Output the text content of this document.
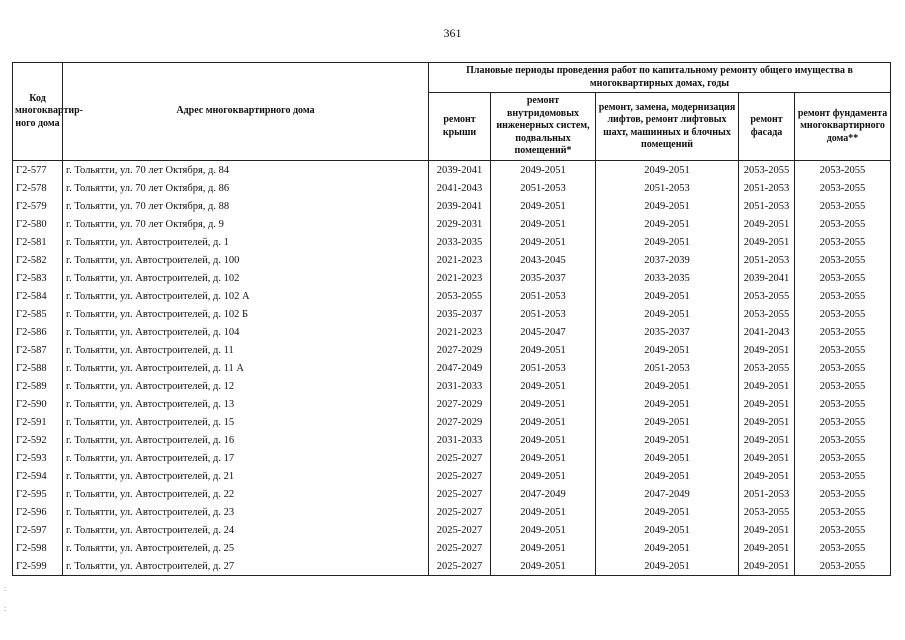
361
Код многоквартир-ного дома	Адрес многоквартирного дома	Плановые периоды проведения работ по капитальному ремонту общего имущества в многоквартирных домах, годы				
		ремонт крыши	ремонт внутридомовых инженерных систем, подвальных помещений*	ремонт, замена, модернизация лифтов, ремонт лифтовых шахт, машинных и блочных помещений	ремонт фасада	ремонт фундамента многоквартирного дома**
Г2-577	г. Тольятти, ул. 70 лет Октября, д. 84	2039-2041	2049-2051	2049-2051	2053-2055	2053-2055
Г2-578	г. Тольятти, ул. 70 лет Октября, д. 86	2041-2043	2051-2053	2051-2053	2051-2053	2053-2055
Г2-579	г. Тольятти, ул. 70 лет Октября, д. 88	2039-2041	2049-2051	2049-2051	2051-2053	2053-2055
Г2-580	г. Тольятти, ул. 70 лет Октября, д. 9	2029-2031	2049-2051	2049-2051	2049-2051	2053-2055
Г2-581	г. Тольятти, ул. Автостроителей, д. 1	2033-2035	2049-2051	2049-2051	2049-2051	2053-2055
Г2-582	г. Тольятти, ул. Автостроителей, д. 100	2021-2023	2043-2045	2037-2039	2051-2053	2053-2055
Г2-583	г. Тольятти, ул. Автостроителей, д. 102	2021-2023	2035-2037	2033-2035	2039-2041	2053-2055
Г2-584	г. Тольятти, ул. Автостроителей, д. 102 А	2053-2055	2051-2053	2049-2051	2053-2055	2053-2055
Г2-585	г. Тольятти, ул. Автостроителей, д. 102 Б	2035-2037	2051-2053	2049-2051	2053-2055	2053-2055
Г2-586	г. Тольятти, ул. Автостроителей, д. 104	2021-2023	2045-2047	2035-2037	2041-2043	2053-2055
Г2-587	г. Тольятти, ул. Автостроителей, д. 11	2027-2029	2049-2051	2049-2051	2049-2051	2053-2055
Г2-588	г. Тольятти, ул. Автостроителей, д. 11 А	2047-2049	2051-2053	2051-2053	2053-2055	2053-2055
Г2-589	г. Тольятти, ул. Автостроителей, д. 12	2031-2033	2049-2051	2049-2051	2049-2051	2053-2055
Г2-590	г. Тольятти, ул. Автостроителей, д. 13	2027-2029	2049-2051	2049-2051	2049-2051	2053-2055
Г2-591	г. Тольятти, ул. Автостроителей, д. 15	2027-2029	2049-2051	2049-2051	2049-2051	2053-2055
Г2-592	г. Тольятти, ул. Автостроителей, д. 16	2031-2033	2049-2051	2049-2051	2049-2051	2053-2055
Г2-593	г. Тольятти, ул. Автостроителей, д. 17	2025-2027	2049-2051	2049-2051	2049-2051	2053-2055
Г2-594	г. Тольятти, ул. Автостроителей, д. 21	2025-2027	2049-2051	2049-2051	2049-2051	2053-2055
Г2-595	г. Тольятти, ул. Автостроителей, д. 22	2025-2027	2047-2049	2047-2049	2051-2053	2053-2055
Г2-596	г. Тольятти, ул. Автостроителей, д. 23	2025-2027	2049-2051	2049-2051	2053-2055	2053-2055
Г2-597	г. Тольятти, ул. Автостроителей, д. 24	2025-2027	2049-2051	2049-2051	2049-2051	2053-2055
Г2-598	г. Тольятти, ул. Автостроителей, д. 25	2025-2027	2049-2051	2049-2051	2049-2051	2053-2055
Г2-599	г. Тольятти, ул. Автостроителей, д. 27	2025-2027	2049-2051	2049-2051	2049-2051	2053-2055
:
:
